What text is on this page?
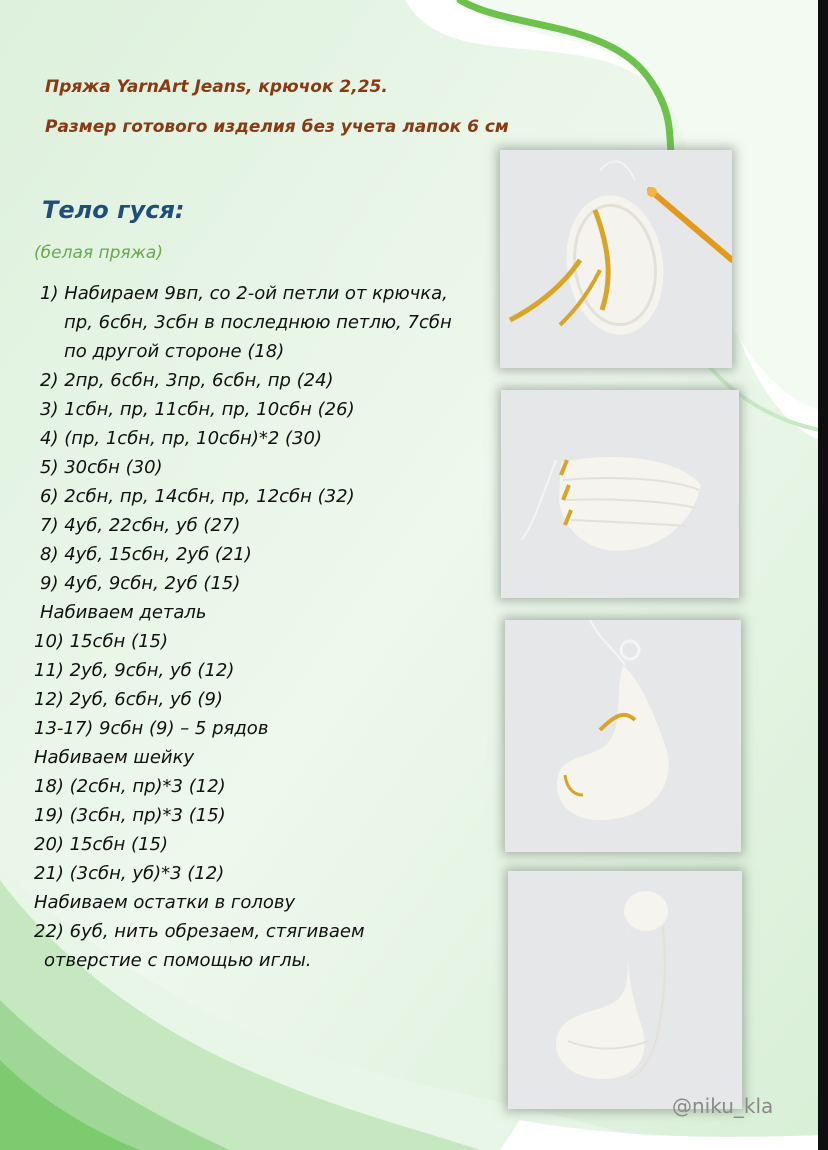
Пряжа YarnArt Jeans, крючок 2,25.

Размер готового изделия без учета лапок 6 см

Тело гуся:
(белая пряжа)
1) Набираем 9вп, со 2-ой петли от крючка,
пр, 6сбн, 3сбн в последнюю петлю, 7сбн
по другой стороне (18)
2) 2пр, 6сбн, 3пр, 6сбн, пр (24)
3) 1сбн, пр, 11сбн, пр, 10сбн (26)
4) (пр, 1сбн, пр, 10сбн)*2 (30)
5) 30сбн (30)
6) 2сбн, пр, 14сбн, пр, 12сбн (32)
7) 4уб, 22сбн, уб (27)
8) 4уб, 15сбн, 2уб (21)
9) 4уб, 9сбн, 2уб (15)
Набиваем деталь
10) 15сбн (15)
11) 2уб, 9сбн, уб (12)
12) 2уб, 6сбн, уб (9)
13-17) 9сбн (9) – 5 рядов
Набиваем шейку
18) (2сбн, пр)*3 (12)
19) (3сбн, пр)*3 (15)
20) 15сбн (15)
21) (3сбн, уб)*3 (12)
Набиваем остатки в голову
22) 6уб, нить обрезаем, стягиваем
отверстие с помощью иглы.
@niku_kla
